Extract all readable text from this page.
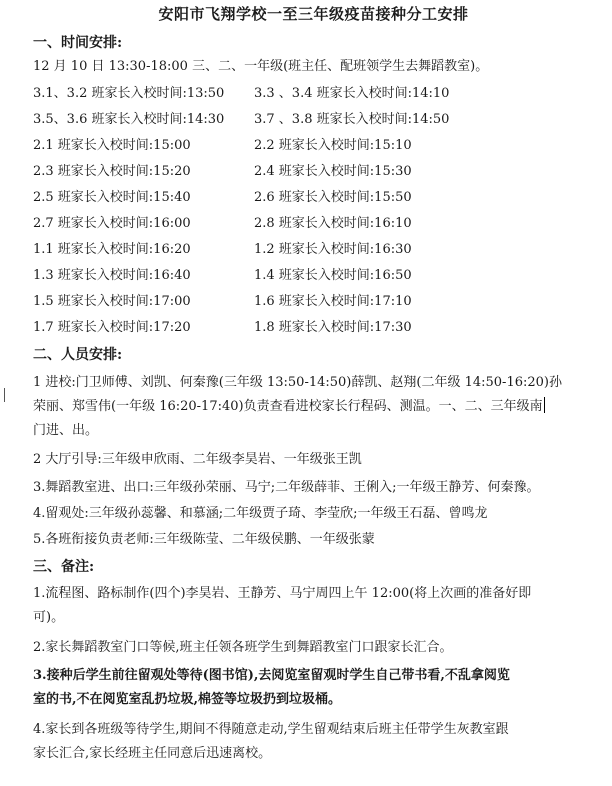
安阳市飞翔学校一至三年级疫苗接种分工安排
一、时间安排:
12 月 10 日 13:30-18:00 三、二、一年级(班主任、配班领学生去舞蹈教室)。
3.1、3.2 班家长入校时间:13:50	3.3 、3.4 班家长入校时间:14:10
3.5、3.6 班家长入校时间:14:30	3.7 、3.8 班家长入校时间:14:50
2.1 班家长入校时间:15:00	2.2 班家长入校时间:15:10
2.3 班家长入校时间:15:20	2.4 班家长入校时间:15:30
2.5 班家长入校时间:15:40	2.6 班家长入校时间:15:50
2.7 班家长入校时间:16:00	2.8 班家长入校时间:16:10
1.1 班家长入校时间:16:20	1.2 班家长入校时间:16:30
1.3 班家长入校时间:16:40	1.4 班家长入校时间:16:50
1.5 班家长入校时间:17:00	1.6 班家长入校时间:17:10
1.7 班家长入校时间:17:20	1.8 班家长入校时间:17:30
二、人员安排:
1 进校:门卫师傅、刘凯、何秦豫(三年级 13:50-14:50)薛凯、赵翔(二年级 14:50-16:20)孙
荣丽、郑雪伟(一年级 16:20-17:40)负责查看进校家长行程码、测温。一、二、三年级南
门进、出。
2 大厅引导:三年级申欣雨、二年级李昊岩、一年级张王凯
3.舞蹈教室进、出口:三年级孙荣丽、马宁;二年级薛菲、王俐入;一年级王静芳、何秦豫。
4.留观处:三年级孙蕊馨、和慕涵;二年级贾子琦、李莹欣;一年级王石磊、曾鸣龙
5.各班衔接负责老师:三年级陈莹、二年级侯鹏、一年级张蒙
三、备注:
1.流程图、路标制作(四个)李昊岩、王静芳、马宁周四上午 12:00(将上次画的准备好即
可)。
2.家长舞蹈教室门口等候,班主任领各班学生到舞蹈教室门口跟家长汇合。
3.接种后学生前往留观处等待(图书馆),去阅览室留观时学生自己带书看,不乱拿阅览
室的书,不在阅览室乱扔垃圾,棉签等垃圾扔到垃圾桶。
4.家长到各班级等待学生,期间不得随意走动,学生留观结束后班主任带学生灰教室跟
家长汇合,家长经班主任同意后迅速离校。
